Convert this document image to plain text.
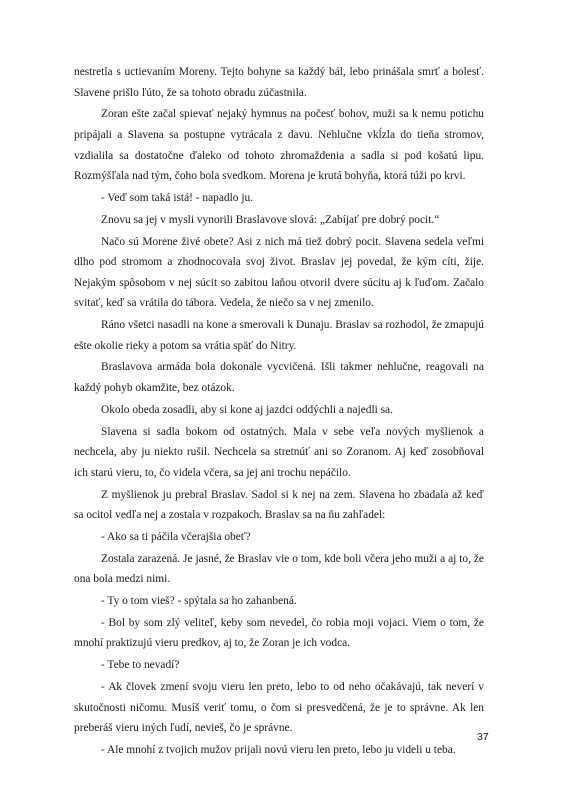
nestretla s uctievaním Moreny. Tejto bohyne sa každý bál, lebo prinášala smrť a bolesť. Slavene prišlo ľúto, že sa tohoto obradu zúčastnila.

Zoran ešte začal spievať nejaký hymnus na počesť bohov, muži sa k nemu potichu pripájali a Slavena sa postupne vytrácala z davu. Nehlučne vkĺzla do tieňa stromov, vzdialila sa dostatočne ďaleko od tohoto zhromaždenia a sadla si pod košatú lipu. Rozmýšľala nad tým, čoho bola svedkom. Morena je krutá bohyňa, ktorá túži po krvi.

- Veď som taká istá! - napadlo ju.

Znovu sa jej v mysli vynorili Braslavove slová: „Zabíjať pre dobrý pocit.“

Načo sú Morene živé obete? Asi z nich má tiež dobrý pocit. Slavena sedela veľmi dlho pod stromom a zhodnocovala svoj život. Braslav jej povedal, že kým cíti, žije. Nejakým spôsobom v nej súcit so zabitou laňou otvoril dvere súcitu aj k ľuďom. Začalo svitať, keď sa vrátila do tábora. Vedela, že niečo sa v nej zmenilo.

Ráno všetci nasadli na kone a smerovali k Dunaju. Braslav sa rozhodol, že zmapujú ešte okolie rieky a potom sa vrátia späť do Nitry.

Braslavova armáda bola dokonale vycvičená. Išli takmer nehlučne, reagovali na každý pohyb okamžite, bez otázok.

Okolo obeda zosadli, aby si kone aj jazdci oddýchli a najedli sa.

Slavena si sadla bokom od ostatných. Mala v sebe veľa nových myšlienok a nechcela, aby ju niekto rušil. Nechcela sa stretnúť ani so Zoranom. Aj keď zosobňoval ich starú vieru, to, čo videla včera, sa jej ani trochu nepáčilo.

Z myšlienok ju prebral Braslav. Sadol si k nej na zem. Slavena ho zbadala až keď sa ocitol vedľa nej a zostala v rozpakoch. Braslav sa na ňu zahľadel:

- Ako sa ti páčila včerajšia obeť?

Zostala zarazená. Je jasné, že Braslav vie o tom, kde boli včera jeho muži a aj to, že ona bola medzi nimi.

- Ty o tom vieš? - spýtala sa ho zahanbená.

- Bol by som zlý veliteľ, keby som nevedel, čo robia moji vojaci. Viem o tom, že mnohí praktizujú vieru predkov, aj to, že Zoran je ich vodca.

- Tebe to nevadí?

- Ak človek zmení svoju vieru len preto, lebo to od neho očakávajú, tak neverí v skutočnosti ničomu. Musíš veriť tomu, o čom si presvedčená, že je to správne. Ak len preberáš vieru iných ľudí, nevieš, čo je správne.

- Ale mnohí z tvojich mužov prijali novú vieru len preto, lebo ju videli u teba.

37
